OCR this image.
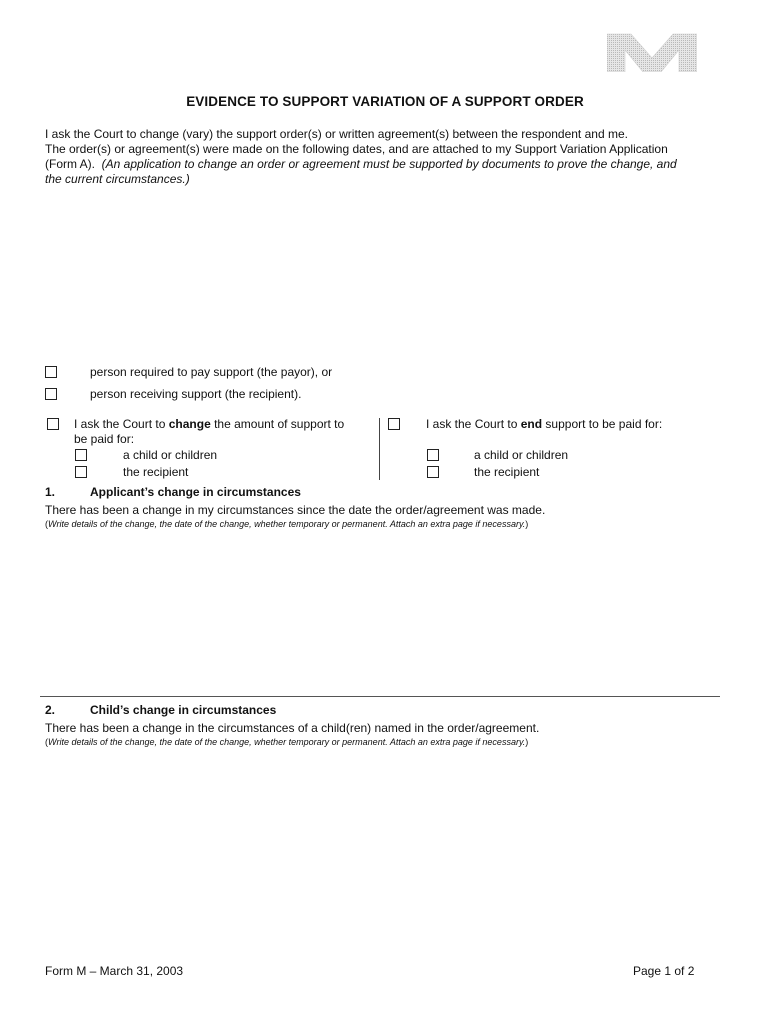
EVIDENCE TO SUPPORT VARIATION OF A SUPPORT ORDER
I ask the Court to change (vary) the support order(s) or written agreement(s) between the respondent and me.
The order(s) or agreement(s) were made on the following dates, and are attached to my Support Variation Application
(Form A). (An application to change an order or agreement must be supported by documents to prove the change, and
the current circumstances.)
person required to pay support (the payor), or
person receiving support (the recipient).
I ask the Court to change the amount of support to
be paid for:
a child or children
the recipient
I ask the Court to end support to be paid for:
a child or children
the recipient
1.	Applicant’s change in circumstances
There has been a change in my circumstances since the date the order/agreement was made.
(Write details of the change, the date of the change, whether temporary or permanent. Attach an extra page if necessary.)
2.	Child’s change in circumstances
There has been a change in the circumstances of a child(ren) named in the order/agreement.
(Write details of the change, the date of the change, whether temporary or permanent. Attach an extra page if necessary.)
Form M – March 31, 2003	Page 1 of 2
